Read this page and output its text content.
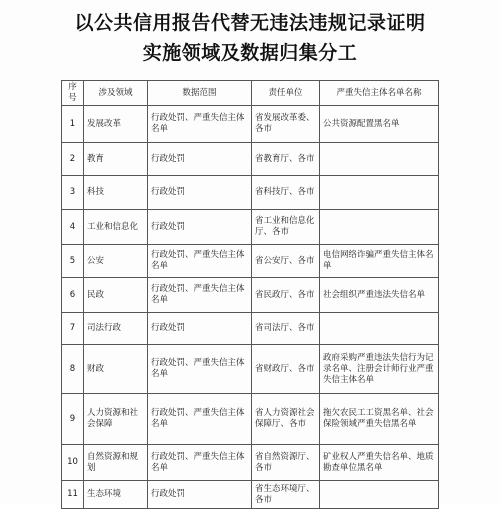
以公共信用报告代替无违法违规记录证明
实施领域及数据归集分工
序号	涉及领域	数据范围	责任单位	严重失信主体名单名称
1	发展改革	行政处罚、严重失信主体名单	省发展改革委、各市	公共资源配置黑名单
2	教育	行政处罚	省教育厅、各市	
3	科技	行政处罚	省科技厅、各市	
4	工业和信息化	行政处罚	省工业和信息化厅、各市	
5	公安	行政处罚、严重失信主体名单	省公安厅、各市	电信网络诈骗严重失信主体名单
6	民政	行政处罚、严重失信主体名单	省民政厅、各市	社会组织严重违法失信名单
7	司法行政	行政处罚	省司法厅、各市	
8	财政	行政处罚、严重失信主体名单	省财政厅、各市	政府采购严重违法失信行为记录名单、注册会计师行业严重失信主体名单
9	人力资源和社会保障	行政处罚、严重失信主体名单	省人力资源社会保障厅、各市	拖欠农民工工资黑名单、社会保险领域严重失信黑名单
10	自然资源和规划	行政处罚、严重失信主体名单	省自然资源厅、各市	矿业权人严重失信名单、地质勘查单位黑名单
11	生态环境	行政处罚	省生态环境厅、各市	
